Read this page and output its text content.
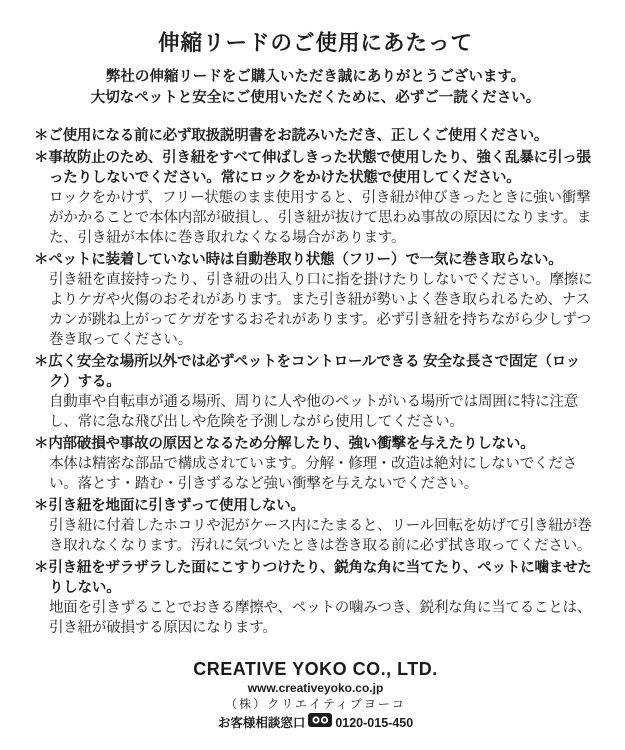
伸縮リードのご使用にあたって
弊社の伸縮リードをご購入いただき誠にありがとうございます。
大切なペットと安全にご使用いただくために、必ずご一読ください。
＊ご使用になる前に必ず取扱説明書をお読みいただき、正しくご使用ください。
＊事故防止のため、引き紐をすべて伸ばしきった状態で使用したり、強く乱暴に引っ張ったりしないでください。常にロックをかけた状態で使用してください。

ロックをかけず、フリー状態のまま使用すると、引き紐が伸びきったときに強い衝撃がかかることで本体内部が破損し、引き紐が抜けて思わぬ事故の原因になります。また、引き紐が本体に巻き取れなくなる場合があります。

＊ペットに装着していない時は自動巻取り状態（フリー）で一気に巻き取らない。

引き紐を直接持ったり、引き紐の出入り口に指を掛けたりしないでください。摩擦によりケガや火傷のおそれがあります。また引き紐が勢いよく巻き取られるため、ナスカンが跳ね上がってケガをするおそれがあります。必ず引き紐を持ちながら少しずつ巻き取ってください。

＊広く安全な場所以外では必ずペットをコントロールできる 安全な長さで固定（ロック）する。

自動車や自転車が通る場所、周りに人や他のペットがいる場所では周囲に特に注意し、常に急な飛び出しや危険を予測しながら使用してください。

＊内部破損や事故の原因となるため分解したり、強い衝撃を与えたりしない。

本体は精密な部品で構成されています。分解・修理・改造は絶対にしないでください。落とす・踏む・引きずるなど強い衝撃を与えないでください。

＊引き紐を地面に引きずって使用しない。

引き紐に付着したホコリや泥がケース内にたまると、リール回転を妨げて引き紐が巻き取れなくなります。汚れに気づいたときは巻き取る前に必ず拭き取ってください。

＊引き紐をザラザラした面にこすりつけたり、鋭角な角に当てたり、ペットに噛ませたりしない。

地面を引きずることでおきる摩擦や、ペットの噛みつき、鋭利な角に当てることは、引き紐が破損する原因になります。

CREATIVE YOKO CO., LTD.
www.creativeyoko.co.jp
（株）クリエイティブヨーコ
お客様相談窓口 0120-015-450
